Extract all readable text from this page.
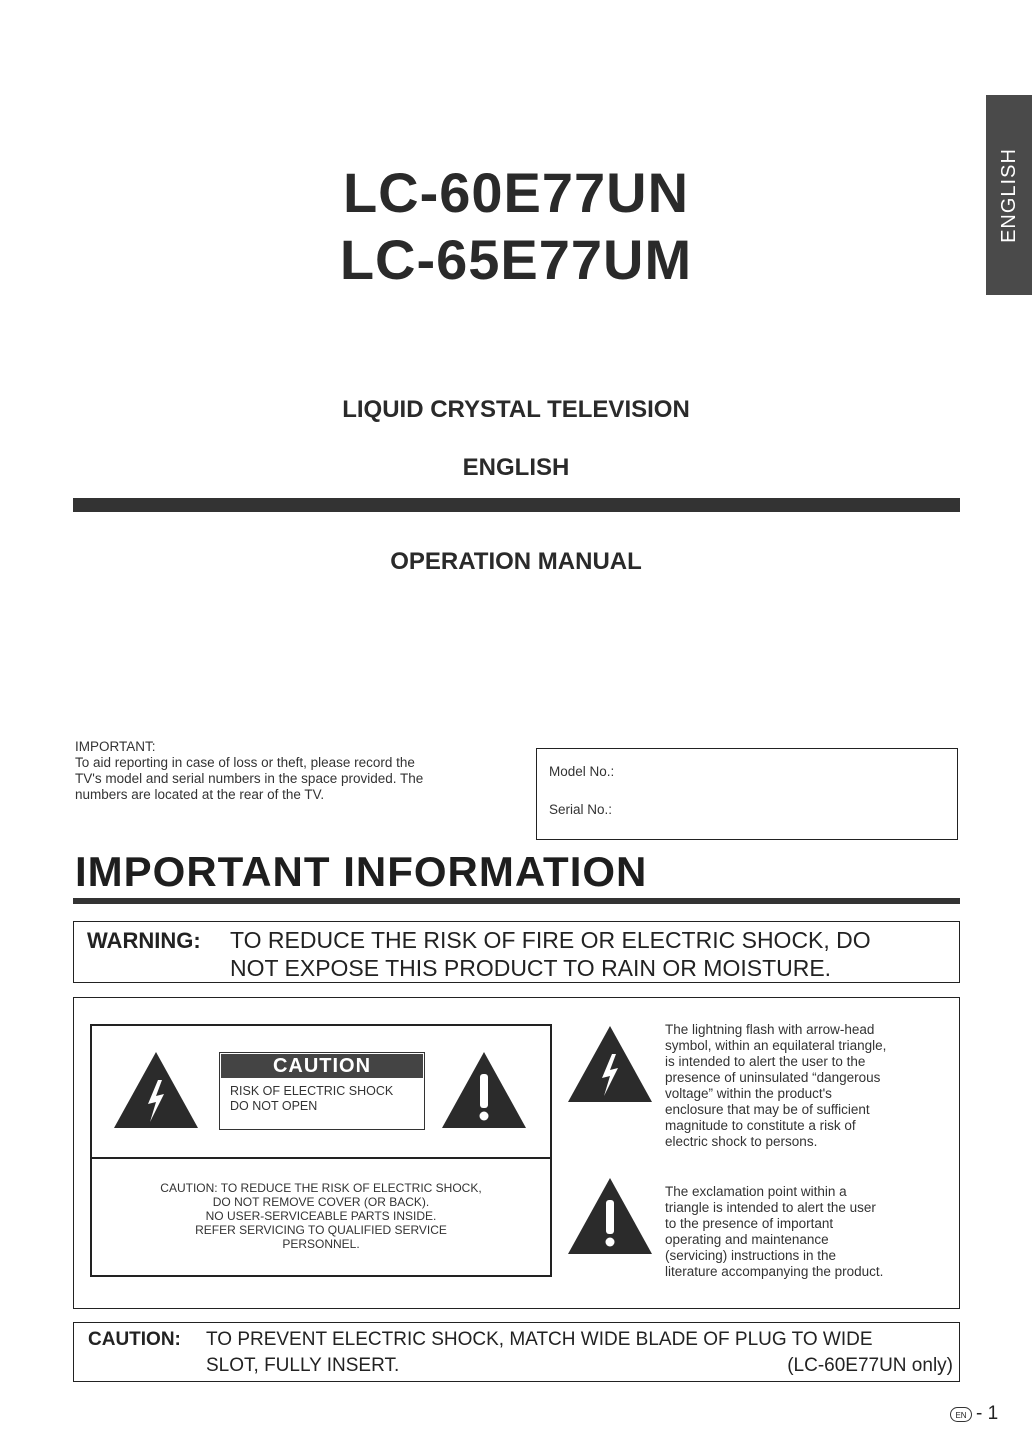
ENGLISH
LC-60E77UN
LC-65E77UM
LIQUID CRYSTAL TELEVISION
ENGLISH
OPERATION MANUAL
IMPORTANT:
To aid reporting in case of loss or theft, please record the
TV's model and serial numbers in the space provided. The
numbers are located at the rear of the TV.
Model No.:
Serial No.:
IMPORTANT INFORMATION
WARNING: TO REDUCE THE RISK OF FIRE OR ELECTRIC SHOCK, DO
NOT EXPOSE THIS PRODUCT TO RAIN OR MOISTURE.
CAUTION
RISK OF ELECTRIC SHOCK
DO NOT OPEN
CAUTION: TO REDUCE THE RISK OF ELECTRIC SHOCK,
DO NOT REMOVE COVER (OR BACK).
NO USER-SERVICEABLE PARTS INSIDE.
REFER SERVICING TO QUALIFIED SERVICE
PERSONNEL.
The lightning flash with arrow-head
symbol, within an equilateral triangle,
is intended to alert the user to the
presence of uninsulated “dangerous
voltage” within the product's
enclosure that may be of sufficient
magnitude to constitute a risk of
electric shock to persons.
The exclamation point within a
triangle is intended to alert the user
to the presence of important
operating and maintenance
(servicing) instructions in the
literature accompanying the product.
CAUTION: TO PREVENT ELECTRIC SHOCK, MATCH WIDE BLADE OF PLUG TO WIDE
SLOT, FULLY INSERT.	(LC-60E77UN only)
EN - 1
